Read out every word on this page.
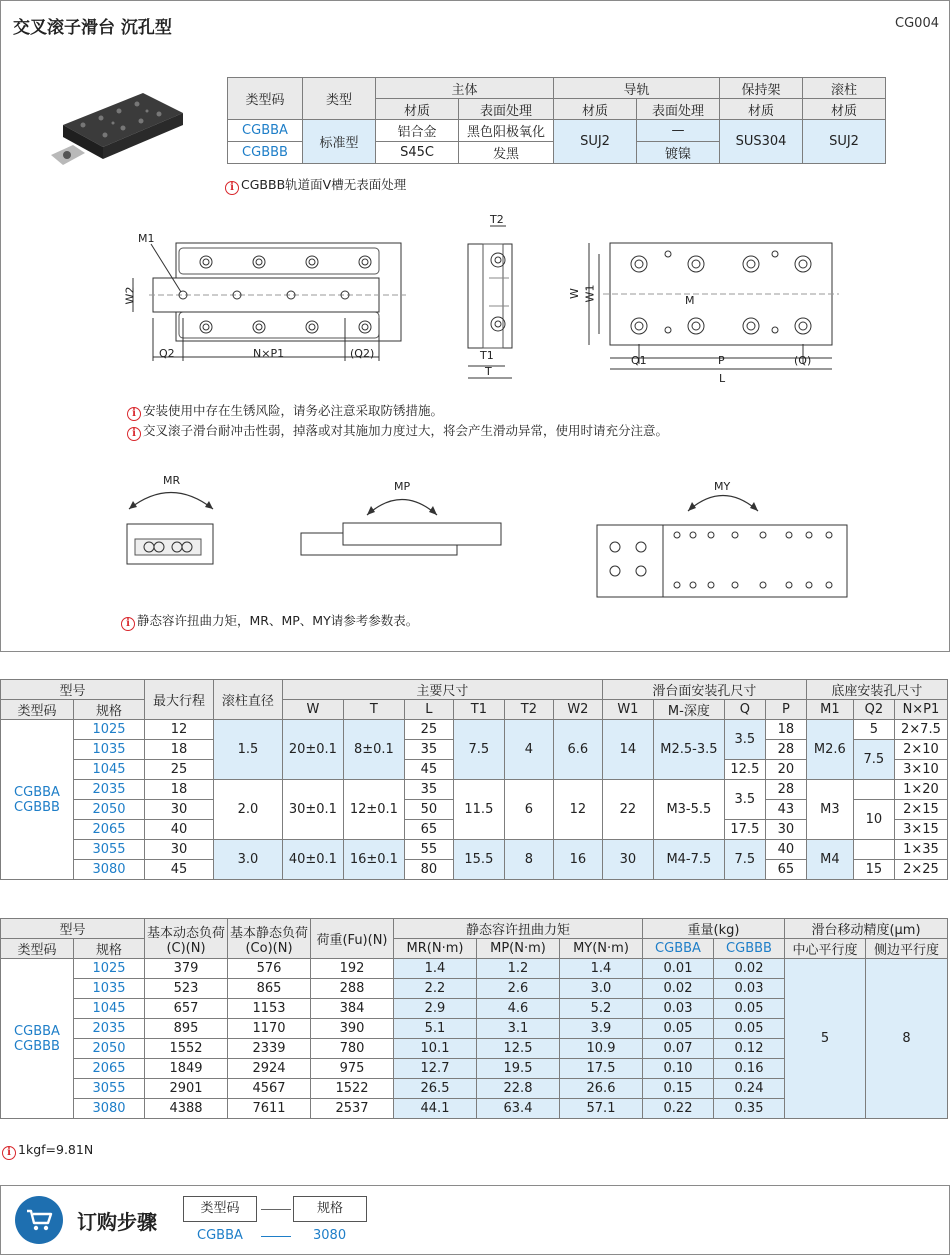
交叉滚子滑台 沉孔型	CG004
类型码	类型	主体		导轨		保持架	滚柱
		材质	表面处理	材质	表面处理	材质	材质
CGBBA	标准型	铝合金	黑色阳极氧化	SUJ2	—	SUS304	SUJ2
CGBBB		S45C	发黑		镀镍		
i CGBBB轨道面V槽无表面处理
M1
W2
Q2	N×P1	(Q2)
T2
T1
T
W W1	M
Q1	P	(Q)
L
i 安装使用中存在生锈风险，请务必注意采取防锈措施。
i 交叉滚子滑台耐冲击性弱，掉落或对其施加力度过大，将会产生滑动异常，使用时请充分注意。
MR	MP	MY
i 静态容许扭曲力矩，MR、MP、MY请参考参数表。
型号		最大行程	滚柱直径	主要尺寸						滑台面安装孔尺寸				底座安装孔尺寸		
类型码	规格			W	T	L	T1	T2	W2	W1	M-深度	Q	P	M1	Q2	N×P1
CGBBA CGBBB	1025	12	1.5	20±0.1	8±0.1	25	7.5	4	6.6	14	M2.5-3.5	3.5	18	M2.6	5	2×7.5
	1035	18				35							28		7.5	2×10
	1045	25				45						12.5	20			3×10
	2035	18	2.0	30±0.1	12±0.1	35	11.5	6	12	22	M3-5.5	3.5	28	M3		1×20
	2050	30				50							43		10	2×15
	2065	40				65						17.5	30			3×15
	3055	30	3.0	40±0.1	16±0.1	55	15.5	8	16	30	M4-7.5	7.5	40	M4		1×35
	3080	45				80							65		15	2×25
型号		基本动态负荷(C)(N)	基本静态负荷(Co)(N)	荷重(Fu)(N)	静态容许扭曲力矩			重量(kg)		滑台移动精度(μm)	
类型码	规格				MR(N·m)	MP(N·m)	MY(N·m)	CGBBA	CGBBB	中心平行度	侧边平行度
CGBBA CGBBB	1025	379	576	192	1.4	1.2	1.4	0.01	0.02	5	8
	1035	523	865	288	2.2	2.6	3.0	0.02	0.03		
	1045	657	1153	384	2.9	4.6	5.2	0.03	0.05		
	2035	895	1170	390	5.1	3.1	3.9	0.05	0.05		
	2050	1552	2339	780	10.1	12.5	10.9	0.07	0.12		
	2065	1849	2924	975	12.7	19.5	17.5	0.10	0.16		
	3055	2901	4567	1522	26.5	22.8	26.6	0.15	0.24		
	3080	4388	7611	2537	44.1	63.4	57.1	0.22	0.35		
i 1kgf=9.81N
订购步骤
类型码	规格
CGBBA	3080
